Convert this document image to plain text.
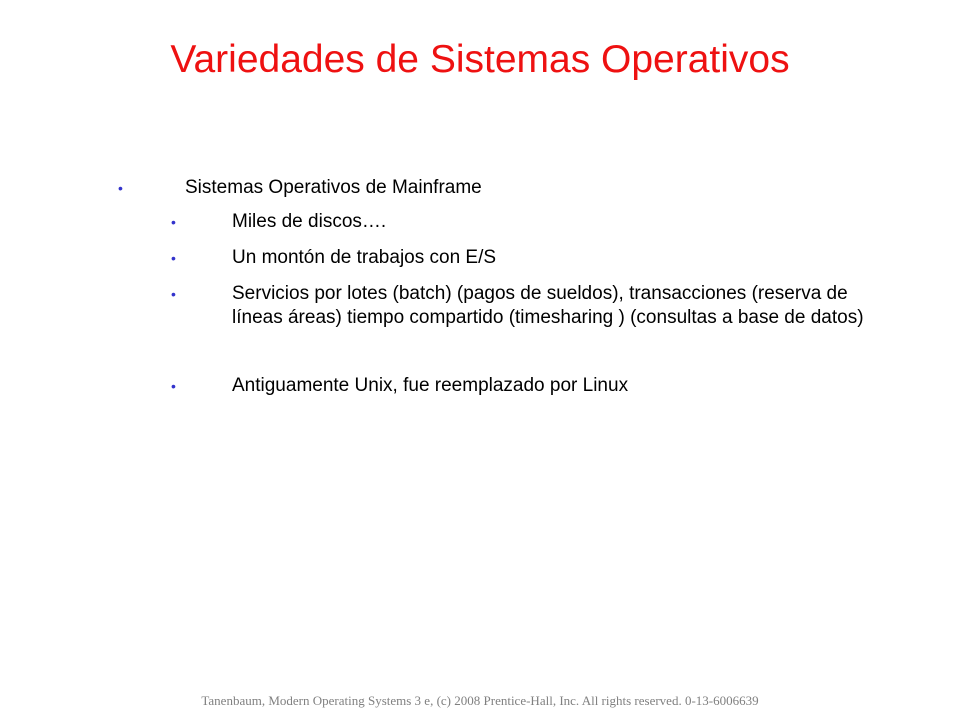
Variedades de Sistemas Operativos
•	Sistemas Operativos de Mainframe
•	Miles de discos….
•	Un montón de trabajos con E/S
•	Servicios por lotes (batch) (pagos de sueldos), transacciones (reserva de líneas áreas) tiempo compartido (timesharing ) (consultas a base de datos)
•	Antiguamente Unix, fue reemplazado por Linux
Tanenbaum, Modern Operating Systems 3 e, (c) 2008 Prentice-Hall, Inc. All rights reserved. 0-13-6006639
